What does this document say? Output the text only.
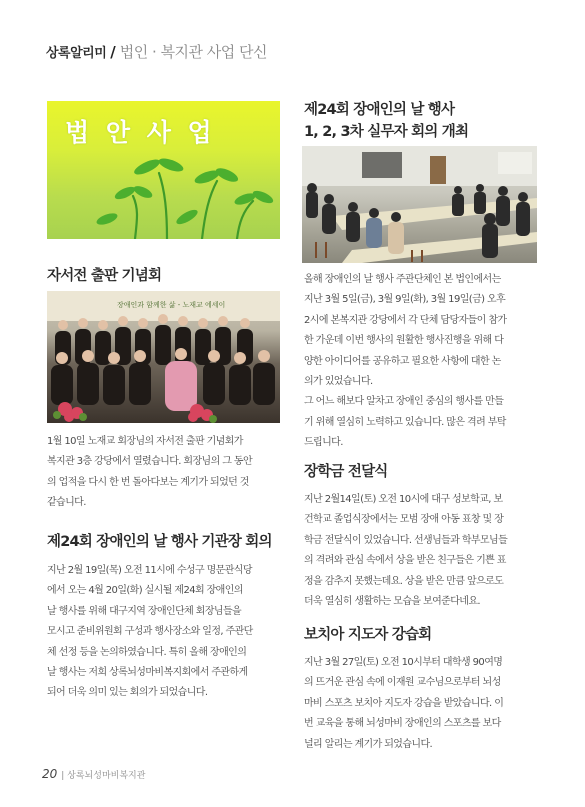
상록알리미 / 법인 · 복지관 사업 단신
법 안 사 업
자서전 출판 기념회
장애인과 함께한 삶 - 노재교 에세이

1월 10일 노재교 회장님의 자서전 출판 기념회가

복지관 3층 강당에서 열렸습니다. 회장님의 그 동안

의 업적을 다시 한 번 돌아다보는 계기가 되었던 것

같습니다.

제24회 장애인의 날 행사 기관장 회의

지난 2월 19일(목) 오전 11시에 수성구 명문관식당

에서 오는 4월 20일(화) 실시될 제24회 장애인의

날 행사를 위해 대구지역 장애인단체 회장님들을

모시고 준비위원회 구성과 행사장소와 일정, 주관단

체 선정 등을 논의하였습니다. 특히 올해 장애인의

날 행사는 저희 상록뇌성마비복지회에서 주관하게

되어 더욱 의미 있는 회의가 되었습니다.

제24회 장애인의 날 행사
1, 2, 3차 실무자 회의 개최

올해 장애인의 날 행사 주관단체인 본 법인에서는

지난 3월 5일(금), 3월 9일(화), 3월 19일(금) 오후

2시에 본복지관 강당에서 각 단체 담당자들이 참가

한 가운데 이번 행사의 원활한 행사진행을 위해 다

양한 아이디어를 공유하고 필요한 사항에 대한 논

의가 있었습니다.

그 어느 해보다 알차고 장애인 중심의 행사를 만들

기 위해 열심히 노력하고 있습니다. 많은 격려 부탁

드립니다.

장학금 전달식

지난 2월14일(토) 오전 10시에 대구 성보학교, 보

건학교 졸업식장에서는 모범 장애 아동 표창 및 장

학금 전달식이 있었습니다. 선생님들과 학부모님들

의 격려와 관심 속에서 상을 받은 친구들은 기쁜 표

정을 감추지 못했는데요. 상을 받은 만큼 앞으로도

더욱 열심히 생활하는 모습을 보여준다네요.

보치아 지도자 강습회

지난 3월 27일(토) 오전 10시부터 대학생 90여명

의 뜨거운 관심 속에 이재원 교수님으로부터 뇌성

마비 스포츠 보치아 지도자 강습을 받았습니다. 이

번 교육을 통해 뇌성마비 장애인의 스포츠를 보다

널리 알리는 계기가 되었습니다.

20 | 상록뇌성마비복지관
